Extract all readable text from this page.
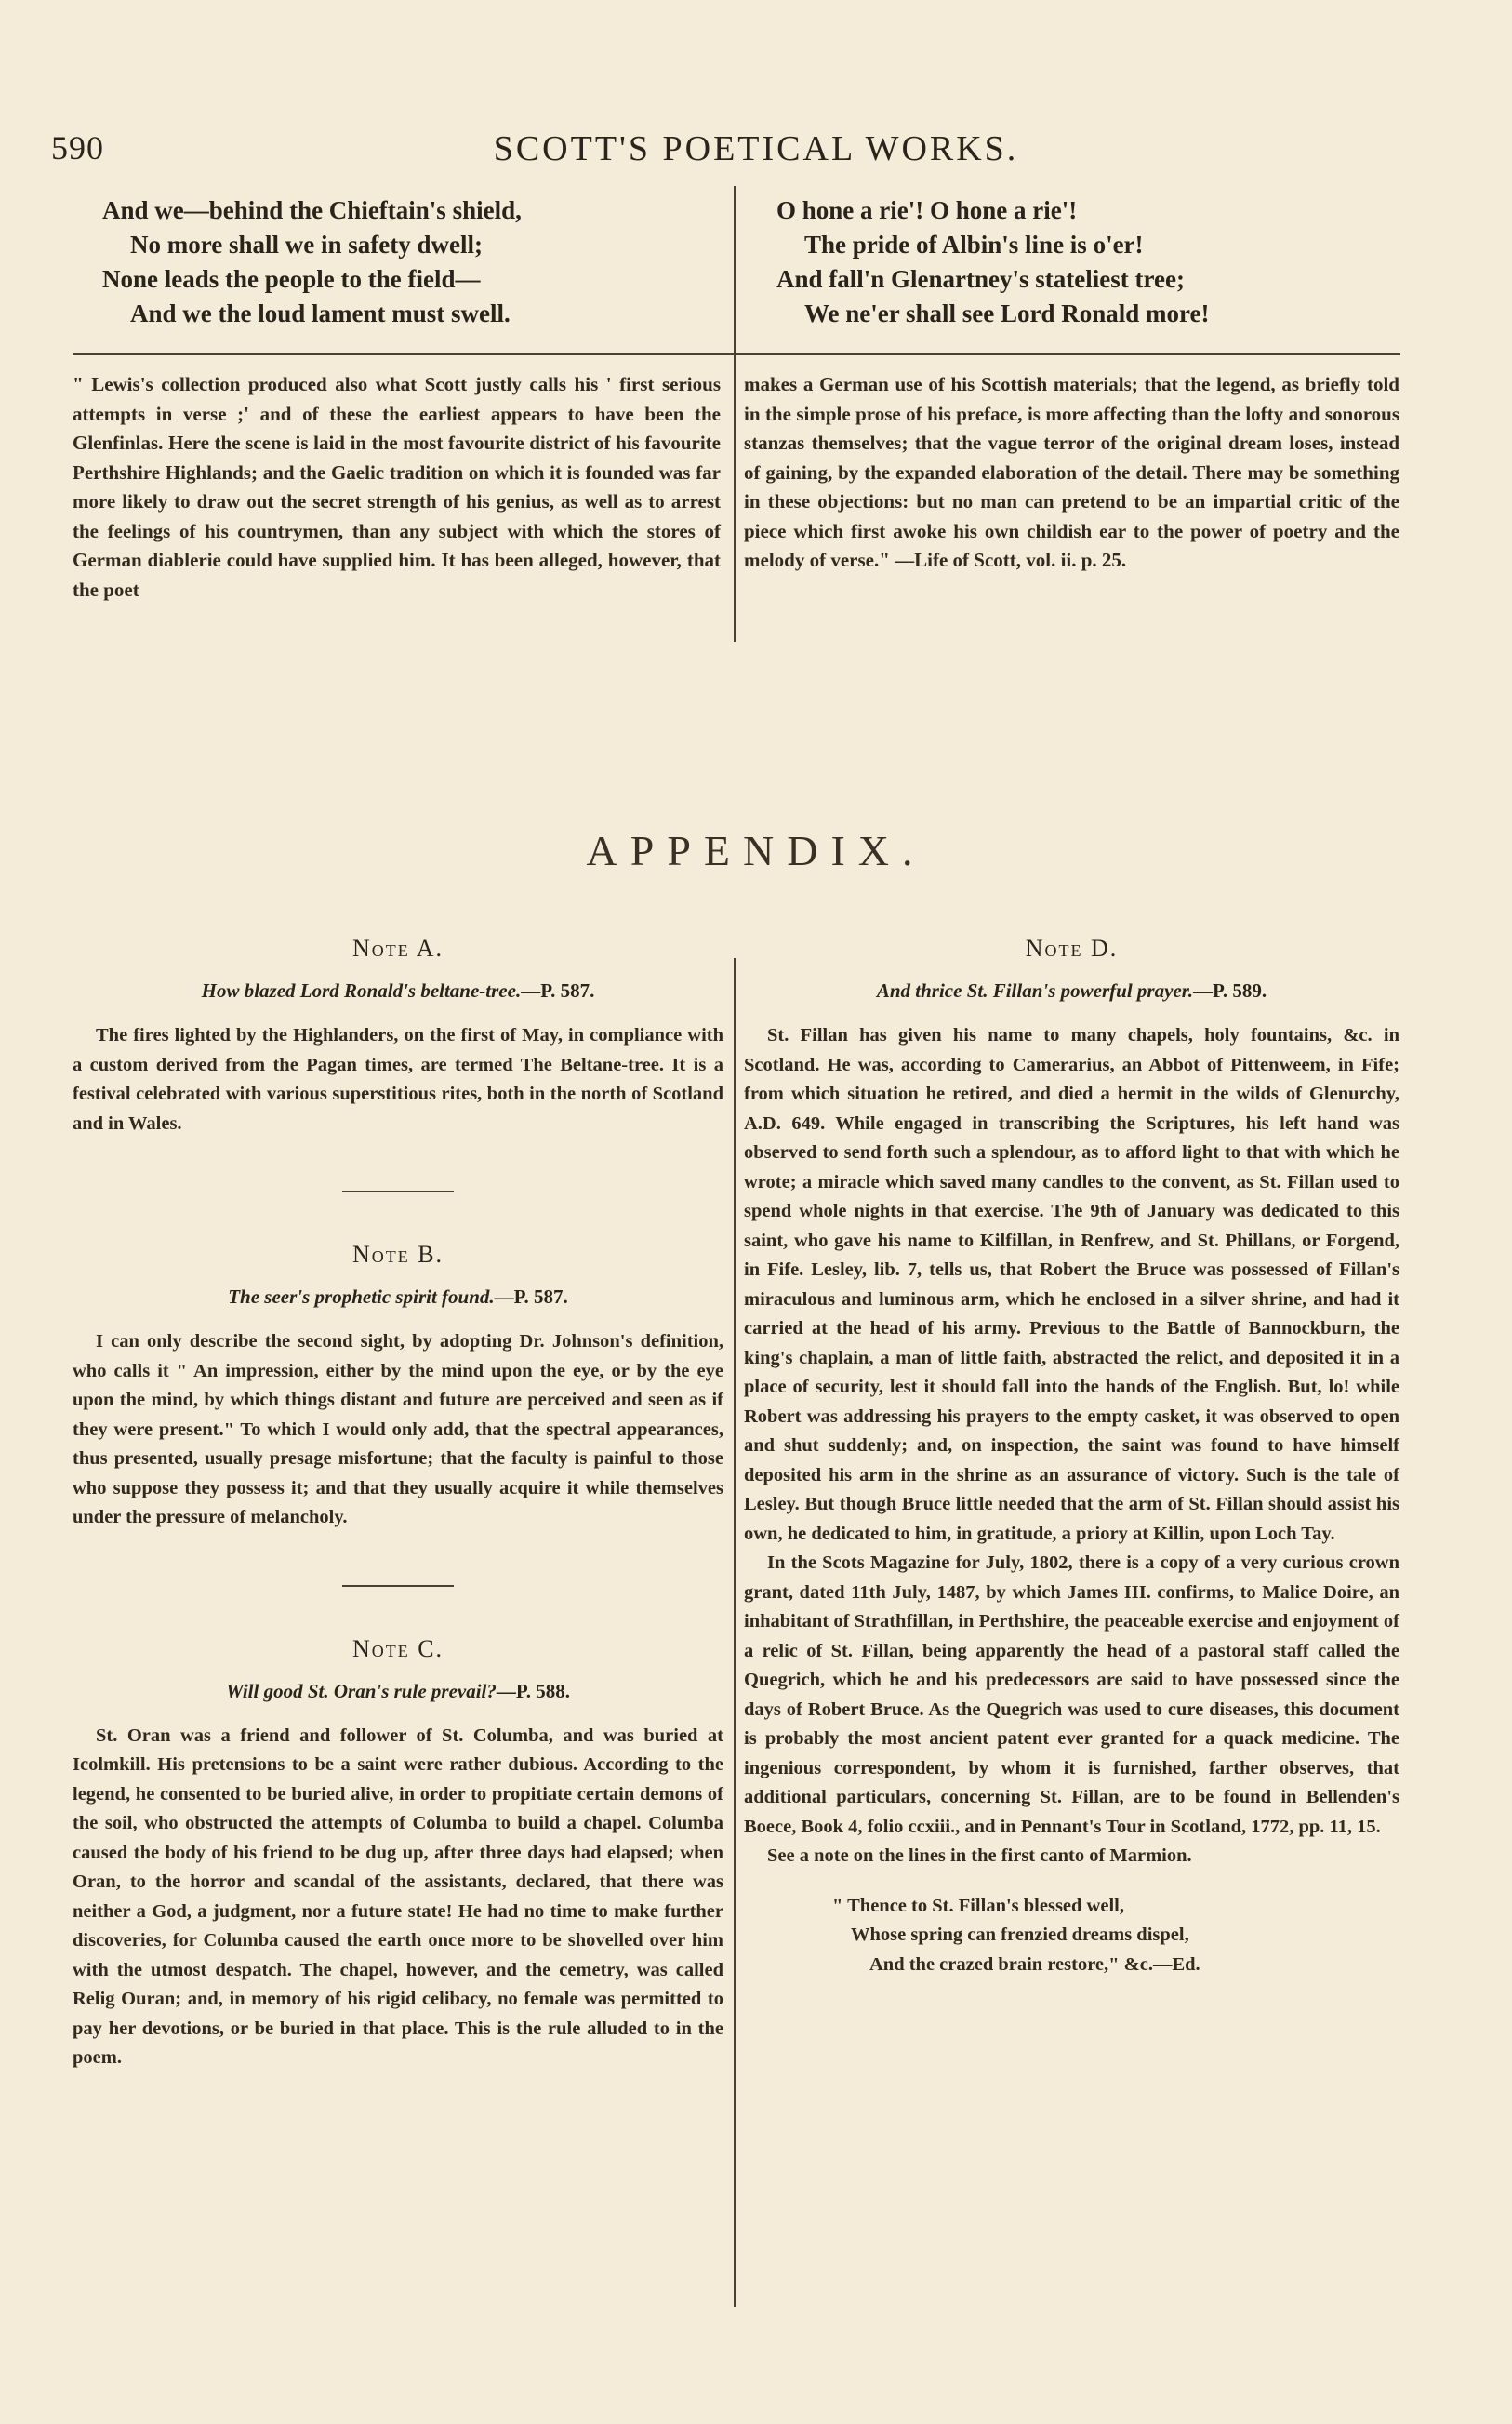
590	SCOTT'S POETICAL WORKS.
And we—behind the Chieftain's shield,
No more shall we in safety dwell;
None leads the people to the field—
And we the loud lament must swell.
O hone a rie'! O hone a rie'!
The pride of Albin's line is o'er!
And fall'n Glenartney's stateliest tree;
We ne'er shall see Lord Ronald more!

" Lewis's collection produced also what Scott justly calls his ' first serious attempts in verse ;' and of these the earliest appears to have been the Glenfinlas. Here the scene is laid in the most favourite district of his favourite Perthshire Highlands; and the Gaelic tradition on which it is founded was far more likely to draw out the secret strength of his genius, as well as to arrest the feelings of his countrymen, than any subject with which the stores of German diablerie could have supplied him. It has been alleged, however, that the poet

makes a German use of his Scottish materials; that the legend, as briefly told in the simple prose of his preface, is more affecting than the lofty and sonorous stanzas themselves; that the vague terror of the original dream loses, instead of gaining, by the expanded elaboration of the detail. There may be something in these objections: but no man can pretend to be an impartial critic of the piece which first awoke his own childish ear to the power of poetry and the melody of verse." —Life of Scott, vol. ii. p. 25.

APPENDIX.
Note A.
How blazed Lord Ronald's beltane-tree.—P. 587.

The fires lighted by the Highlanders, on the first of May, in compliance with a custom derived from the Pagan times, are termed The Beltane-tree. It is a festival celebrated with various superstitious rites, both in the north of Scotland and in Wales.

Note B.
The seer's prophetic spirit found.—P. 587.

I can only describe the second sight, by adopting Dr. Johnson's definition, who calls it " An impression, either by the mind upon the eye, or by the eye upon the mind, by which things distant and future are perceived and seen as if they were present." To which I would only add, that the spectral appearances, thus presented, usually presage misfortune; that the faculty is painful to those who suppose they possess it; and that they usually acquire it while themselves under the pressure of melancholy.

Note C.
Will good St. Oran's rule prevail?—P. 588.

St. Oran was a friend and follower of St. Columba, and was buried at Icolmkill. His pretensions to be a saint were rather dubious. According to the legend, he consented to be buried alive, in order to propitiate certain demons of the soil, who obstructed the attempts of Columba to build a chapel. Columba caused the body of his friend to be dug up, after three days had elapsed; when Oran, to the horror and scandal of the assistants, declared, that there was neither a God, a judgment, nor a future state! He had no time to make further discoveries, for Columba caused the earth once more to be shovelled over him with the utmost despatch. The chapel, however, and the cemetry, was called Relig Ouran; and, in memory of his rigid celibacy, no female was permitted to pay her devotions, or be buried in that place. This is the rule alluded to in the poem.

Note D.
And thrice St. Fillan's powerful prayer.—P. 589.

St. Fillan has given his name to many chapels, holy fountains, &c. in Scotland. He was, according to Camerarius, an Abbot of Pittenweem, in Fife; from which situation he retired, and died a hermit in the wilds of Glenurchy, A.D. 649. While engaged in transcribing the Scriptures, his left hand was observed to send forth such a splendour, as to afford light to that with which he wrote; a miracle which saved many candles to the convent, as St. Fillan used to spend whole nights in that exercise. The 9th of January was dedicated to this saint, who gave his name to Kilfillan, in Renfrew, and St. Phillans, or Forgend, in Fife. Lesley, lib. 7, tells us, that Robert the Bruce was possessed of Fillan's miraculous and luminous arm, which he enclosed in a silver shrine, and had it carried at the head of his army. Previous to the Battle of Bannockburn, the king's chaplain, a man of little faith, abstracted the relict, and deposited it in a place of security, lest it should fall into the hands of the English. But, lo! while Robert was addressing his prayers to the empty casket, it was observed to open and shut suddenly; and, on inspection, the saint was found to have himself deposited his arm in the shrine as an assurance of victory. Such is the tale of Lesley. But though Bruce little needed that the arm of St. Fillan should assist his own, he dedicated to him, in gratitude, a priory at Killin, upon Loch Tay.

In the Scots Magazine for July, 1802, there is a copy of a very curious crown grant, dated 11th July, 1487, by which James III. confirms, to Malice Doire, an inhabitant of Strathfillan, in Perthshire, the peaceable exercise and enjoyment of a relic of St. Fillan, being apparently the head of a pastoral staff called the Quegrich, which he and his predecessors are said to have possessed since the days of Robert Bruce. As the Quegrich was used to cure diseases, this document is probably the most ancient patent ever granted for a quack medicine. The ingenious correspondent, by whom it is furnished, farther observes, that additional particulars, concerning St. Fillan, are to be found in Bellenden's Boece, Book 4, folio ccxiii., and in Pennant's Tour in Scotland, 1772, pp. 11, 15.

See a note on the lines in the first canto of Marmion.

" Thence to St. Fillan's blessed well,
Whose spring can frenzied dreams dispel,
And the crazed brain restore," &c.—Ed.
